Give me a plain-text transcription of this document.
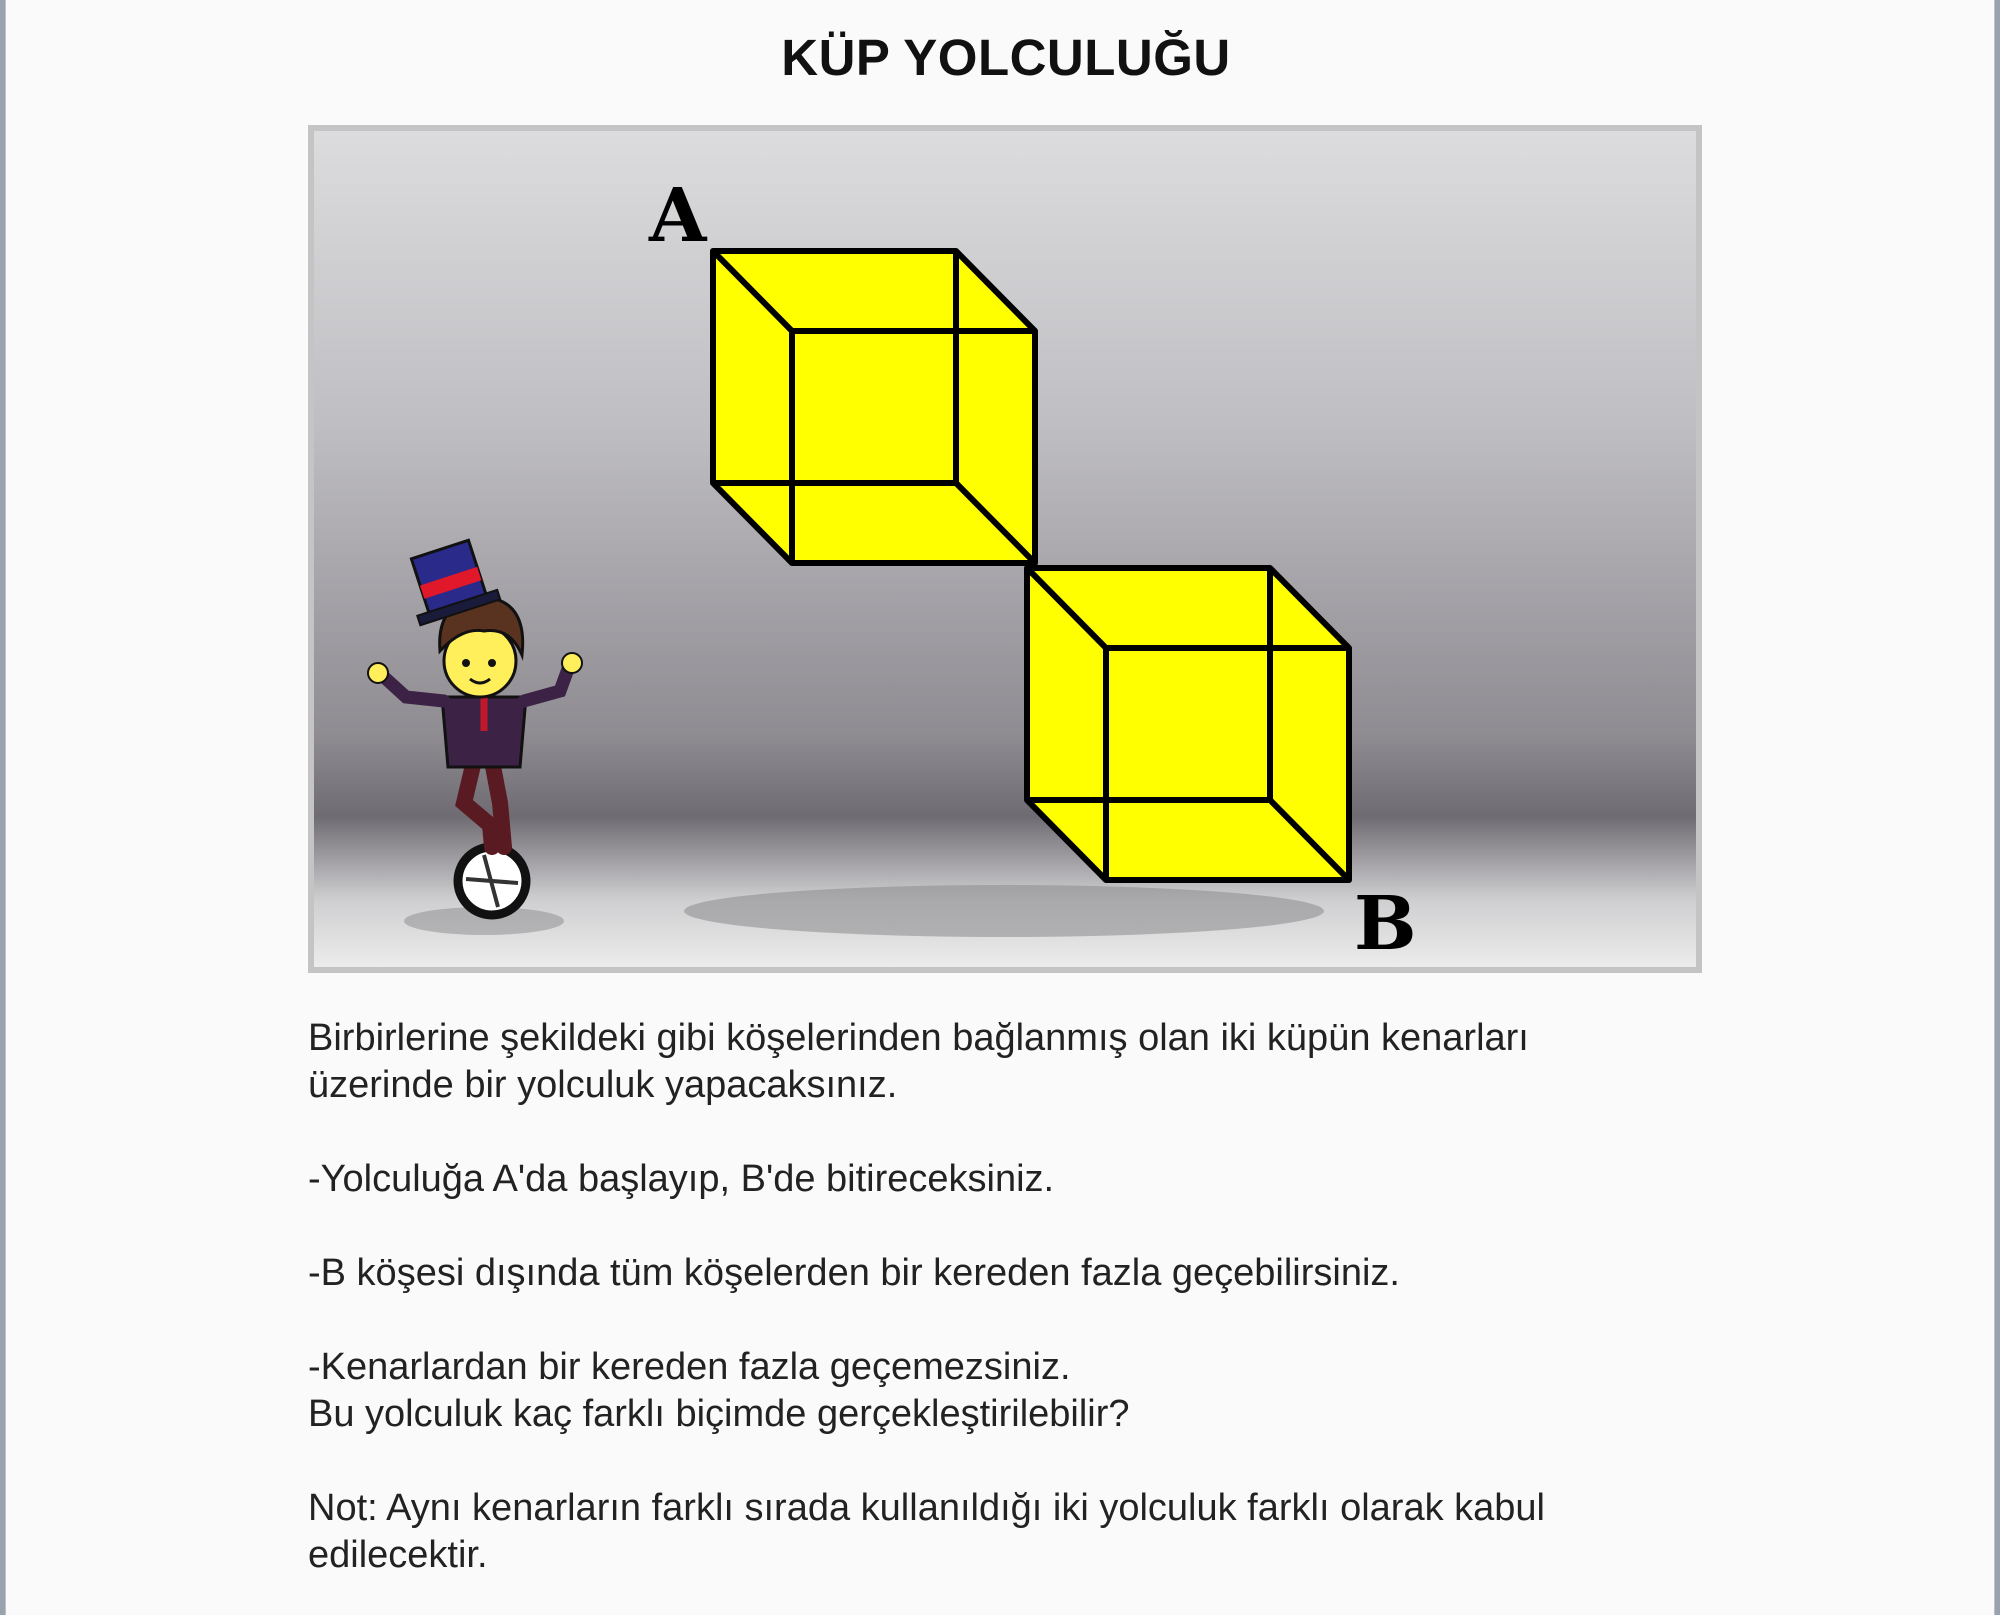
KÜP YOLCULUĞU
A
B

Birbirlerine şekildeki gibi köşelerinden bağlanmış olan iki küpün kenarları

üzerinde bir yolculuk yapacaksınız.

-Yolculuğa A'da başlayıp, B'de bitireceksiniz.

-B köşesi dışında tüm köşelerden bir kereden fazla geçebilirsiniz.

-Kenarlardan bir kereden fazla geçemezsiniz.

Bu yolculuk kaç farklı biçimde gerçekleştirilebilir?

Not: Aynı kenarların farklı sırada kullanıldığı iki yolculuk farklı olarak kabul

edilecektir.
